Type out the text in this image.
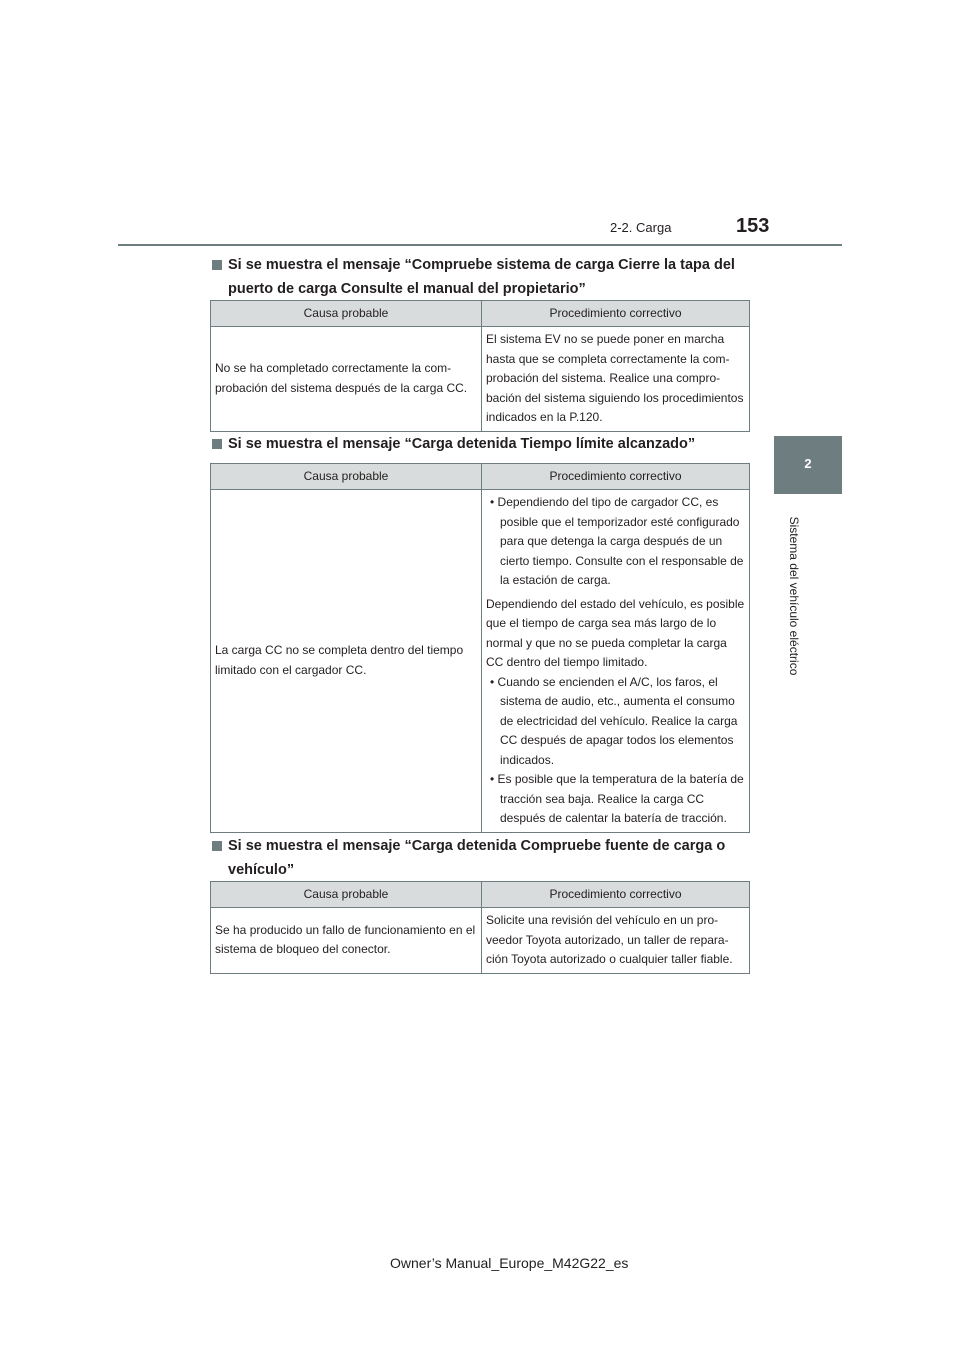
2-2. Carga	153
2
Sistema del vehículo eléctrico
Si se muestra el mensaje “Compruebe sistema de carga Cierre la tapa del
puerto de carga Consulte el manual del propietario”
Causa probable	Procedimiento correctivo
No se ha completado correctamente la comprobación del sistema después de la carga CC.	El sistema EV no se puede poner en marcha hasta que se completa correctamente la comprobación del sistema. Realice una comprobación del sistema siguiendo los procedimientos indicados en la P.120.
Si se muestra el mensaje “Carga detenida Tiempo límite alcanzado”
Causa probable	Procedimiento correctivo
La carga CC no se completa dentro del tiempo limitado con el cargador CC.	• Dependiendo del tipo de cargador CC, es posible que el temporizador esté configurado para que detenga la carga después de un cierto tiempo. Consulte con el responsable de la estación de carga.
Dependiendo del estado del vehículo, es posible que el tiempo de carga sea más largo de lo normal y que no se pueda completar la carga CC dentro del tiempo limitado.
• Cuando se encienden el A/C, los faros, el sistema de audio, etc., aumenta el consumo de electricidad del vehículo. Realice la carga CC después de apagar todos los elementos indicados.
• Es posible que la temperatura de la batería de tracción sea baja. Realice la carga CC después de calentar la batería de tracción.
Si se muestra el mensaje “Carga detenida Compruebe fuente de carga o
vehículo”
Causa probable	Procedimiento correctivo
Se ha producido un fallo de funcionamiento en el sistema de bloqueo del conector.	Solicite una revisión del vehículo en un proveedor Toyota autorizado, un taller de reparación Toyota autorizado o cualquier taller fiable.
Owner’s Manual_Europe_M42G22_es
